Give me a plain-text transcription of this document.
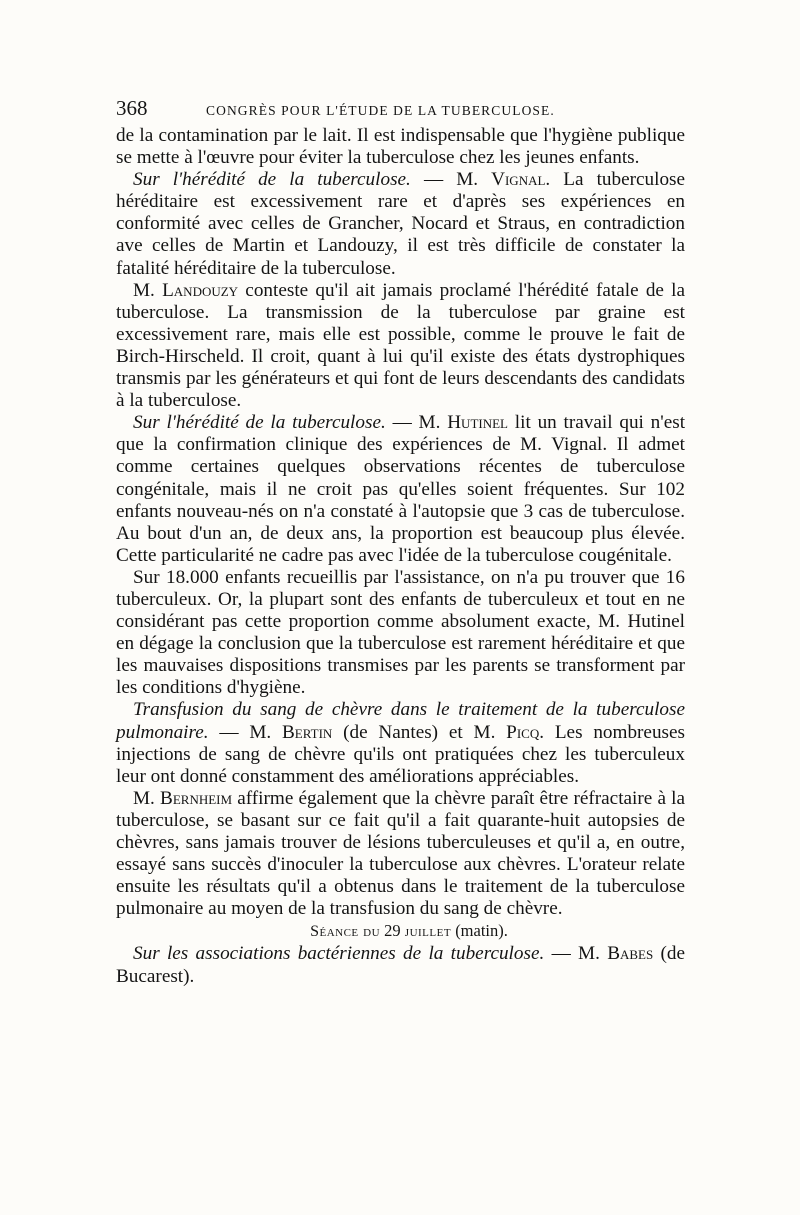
368	CONGRÈS POUR L'ÉTUDE DE LA TUBERCULOSE.

de la contamination par le lait. Il est indispensable que l'hygiène publique se mette à l'œuvre pour éviter la tuberculose chez les jeunes enfants.

Sur l'hérédité de la tuberculose. — M. Vignal. La tuberculose héréditaire est excessivement rare et d'après ses expériences en conformité avec celles de Grancher, Nocard et Straus, en contradiction ave celles de Martin et Landouzy, il est très difficile de constater la fatalité héréditaire de la tuberculose.

M. Landouzy conteste qu'il ait jamais proclamé l'hérédité fatale de la tuberculose. La transmission de la tuberculose par graine est excessivement rare, mais elle est possible, comme le prouve le fait de Birch-Hirscheld. Il croit, quant à lui qu'il existe des états dystrophiques transmis par les générateurs et qui font de leurs descendants des candidats à la tuberculose.

Sur l'hérédité de la tuberculose. — M. Hutinel lit un travail qui n'est que la confirmation clinique des expériences de M. Vignal. Il admet comme certaines quelques observations récentes de tuberculose congénitale, mais il ne croit pas qu'elles soient fréquentes. Sur 102 enfants nouveau-nés on n'a constaté à l'autopsie que 3 cas de tuberculose. Au bout d'un an, de deux ans, la proportion est beaucoup plus élevée. Cette particularité ne cadre pas avec l'idée de la tuberculose cougénitale.

Sur 18.000 enfants recueillis par l'assistance, on n'a pu trouver que 16 tuberculeux. Or, la plupart sont des enfants de tuberculeux et tout en ne considérant pas cette proportion comme absolument exacte, M. Hutinel en dégage la conclusion que la tuberculose est rarement héréditaire et que les mauvaises dispositions transmises par les parents se transforment par les conditions d'hygiène.

Transfusion du sang de chèvre dans le traitement de la tuberculose pulmonaire. — M. Bertin (de Nantes) et M. Picq. Les nombreuses injections de sang de chèvre qu'ils ont pratiquées chez les tuberculeux leur ont donné constamment des améliorations appréciables.

M. Bernheim affirme également que la chèvre paraît être réfractaire à la tuberculose, se basant sur ce fait qu'il a fait quarante-huit autopsies de chèvres, sans jamais trouver de lésions tuberculeuses et qu'il a, en outre, essayé sans succès d'inoculer la tuberculose aux chèvres. L'orateur relate ensuite les résultats qu'il a obtenus dans le traitement de la tuberculose pulmonaire au moyen de la transfusion du sang de chèvre.

Séance du 29 juillet (matin).

Sur les associations bactériennes de la tuberculose. — M. Babes (de Bucarest).
